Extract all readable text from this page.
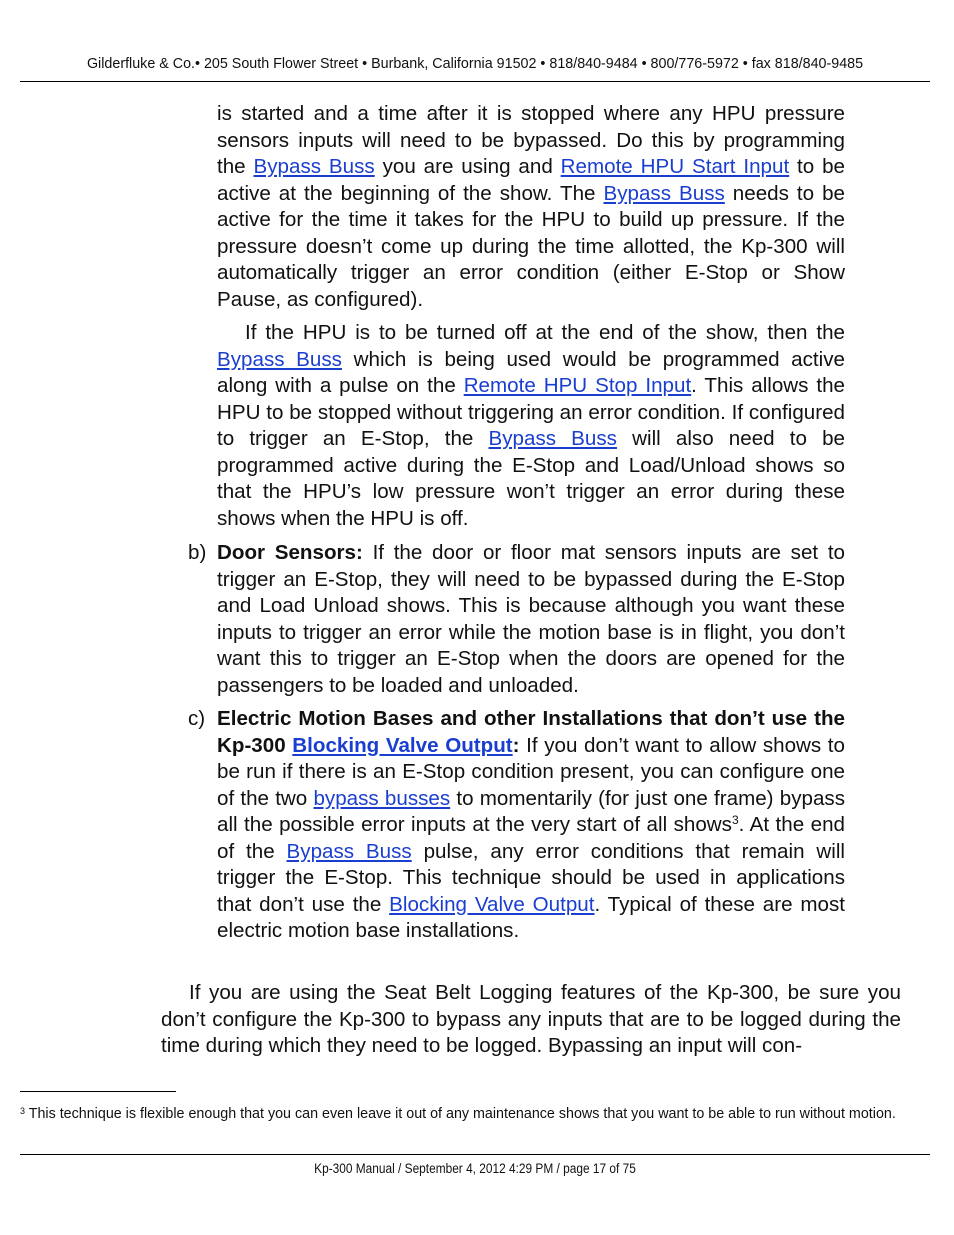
Gilderfluke & Co.• 205 South Flower Street • Burbank, California 91502 • 818/840-9484 • 800/776-5972 • fax 818/840-9485

is started and a time after it is stopped where any HPU pressure sensors inputs will need to be bypassed. Do this by programming the Bypass Buss you are using and Remote HPU Start Input to be active at the beginning of the show. The Bypass Buss needs to be active for the time it takes for the HPU to build up pressure. If the pressure doesn’t come up during the time allotted, the Kp-300 will automatically trigger an error condition (either E-Stop or Show Pause, as configured).

If the HPU is to be turned off at the end of the show, then the Bypass Buss which is being used would be programmed active along with a pulse on the Remote HPU Stop Input. This allows the HPU to be stopped without triggering an error condition. If configured to trigger an E-Stop, the Bypass Buss will also need to be programmed active during the E-Stop and Load/Unload shows so that the HPU’s low pressure won’t trigger an error during these shows when the HPU is off.

b) Door Sensors: If the door or floor mat sensors inputs are set to trigger an E-Stop, they will need to be bypassed during the E-Stop and Load Unload shows. This is because although you want these inputs to trigger an error while the motion base is in flight, you don’t want this to trigger an E-Stop when the doors are opened for the passengers to be loaded and unloaded.

c) Electric Motion Bases and other Installations that don’t use the Kp-300 Blocking Valve Output: If you don’t want to allow shows to be run if there is an E-Stop condition present, you can configure one of the two bypass busses to momentarily (for just one frame) bypass all the possible error inputs at the very start of all shows$^3$. At the end of the Bypass Buss pulse, any error conditions that remain will trigger the E-Stop. This technique should be used in applications that don’t use the Blocking Valve Output. Typical of these are most electric motion base installations.

If you are using the Seat Belt Logging features of the Kp-300, be sure you don’t configure the Kp-300 to bypass any inputs that are to be logged during the time during which they need to be logged. Bypassing an input will con-

$^3$ This technique is flexible enough that you can even leave it out of any maintenance shows that you want to be able to run without motion.
Kp-300 Manual / September 4, 2012 4:29 PM / page 17 of 75
